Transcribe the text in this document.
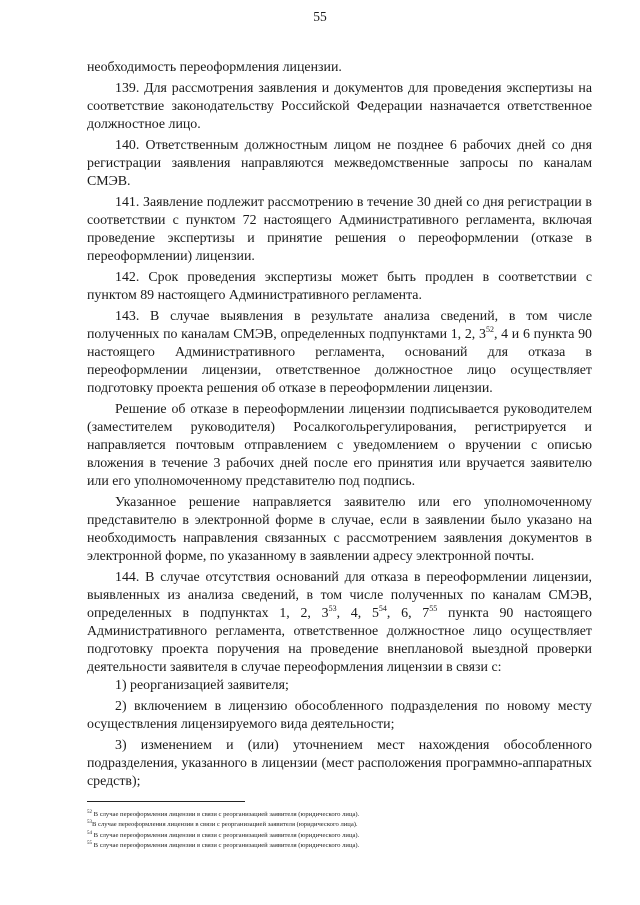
55

необходимость переоформления лицензии.

139. Для рассмотрения заявления и документов для проведения экспертизы на соответствие законодательству Российской Федерации назначается ответственное должностное лицо.

140. Ответственным должностным лицом не позднее 6 рабочих дней со дня регистрации заявления направляются межведомственные запросы по каналам СМЭВ.

141. Заявление подлежит рассмотрению в течение 30 дней со дня регистрации в соответствии с пунктом 72 настоящего Административного регламента, включая проведение экспертизы и принятие решения о переоформлении (отказе в переоформлении) лицензии.

142. Срок проведения экспертизы может быть продлен в соответствии с пунктом 89 настоящего Административного регламента.

143. В случае выявления в результате анализа сведений, в том числе полученных по каналам СМЭВ, определенных подпунктами 1, 2, $3^{52}$, 4 и 6 пункта 90 настоящего Административного регламента, оснований для отказа в переоформлении лицензии, ответственное должностное лицо осуществляет подготовку проекта решения об отказе в переоформлении лицензии.

Решение об отказе в переоформлении лицензии подписывается руководителем (заместителем руководителя) Росалкогольрегулирования, регистрируется и направляется почтовым отправлением с уведомлением о вручении с описью вложения в течение 3 рабочих дней после его принятия или вручается заявителю или его уполномоченному представителю под подпись.

Указанное решение направляется заявителю или его уполномоченному представителю в электронной форме в случае, если в заявлении было указано на необходимость направления связанных с рассмотрением заявления документов в электронной форме, по указанному в заявлении адресу электронной почты.

144. В случае отсутствия оснований для отказа в переоформлении лицензии, выявленных из анализа сведений, в том числе полученных по каналам СМЭВ, определенных в подпунктах 1, 2, $3^{53}$, 4, $5^{54}$, 6, $7^{55}$ пункта 90 настоящего Административного регламента, ответственное должностное лицо осуществляет подготовку проекта поручения на проведение внеплановой выездной проверки деятельности заявителя в случае переоформления лицензии в связи с:

1) реорганизацией заявителя;

2) включением в лицензию обособленного подразделения по новому месту осуществления лицензируемого вида деятельности;

3) изменением и (или) уточнением мест нахождения обособленного подразделения, указанного в лицензии (мест расположения программно-аппаратных средств);

$^{52}$ В случае переоформления лицензии в связи с реорганизацией заявителя (юридического лица).

$^{53}$В случае переоформления лицензии в связи с реорганизацией заявителя (юридического лица).

$^{54}$ В случае переоформления лицензии в связи с реорганизацией заявителя (юридического лица).

$^{55}$ В случае переоформления лицензии в связи с реорганизацией заявителя (юридического лица).
